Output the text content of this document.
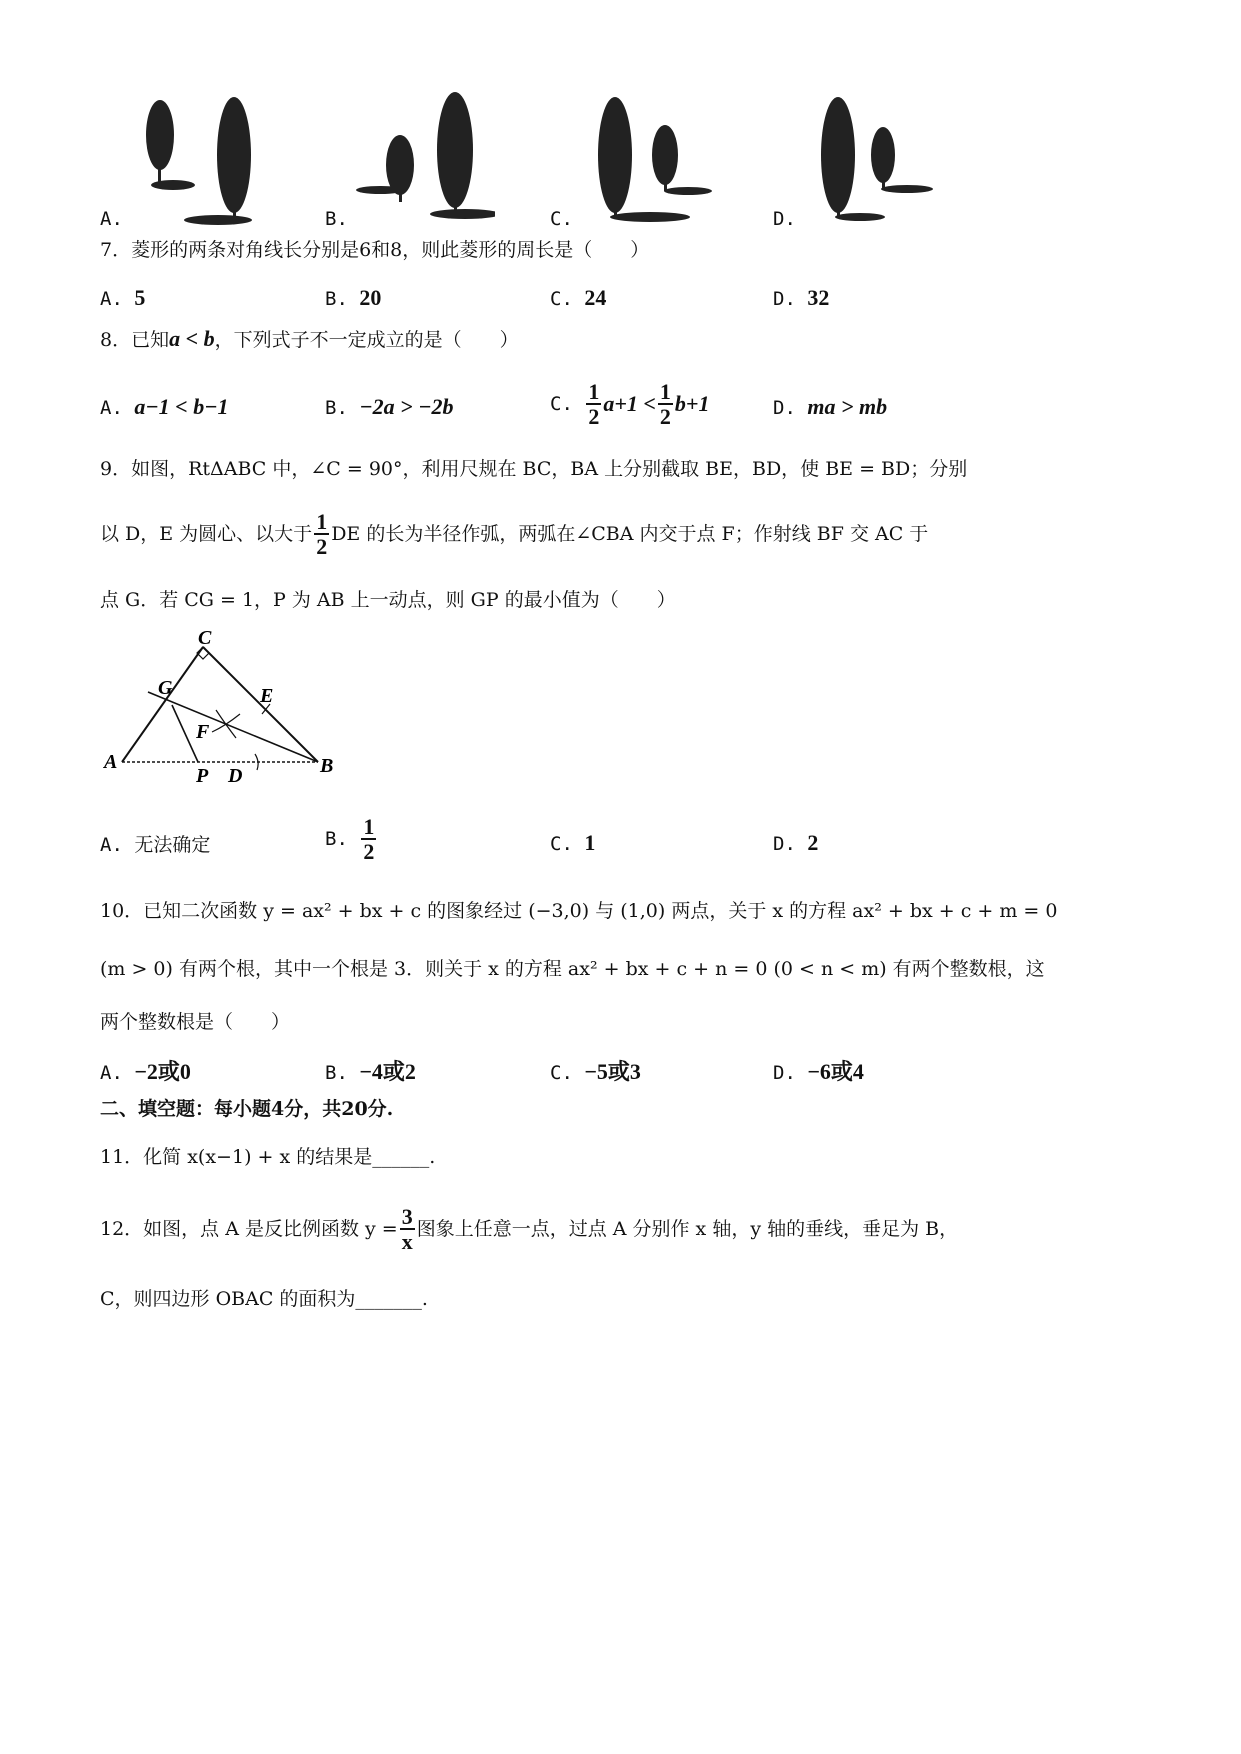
A.	B.	C.	D.
7．菱形的两条对角线长分别是6和8，则此菱形的周长是（　　）
A. 5	B. 20	C. 24	D. 32
8．已知a < b，下列式子不一定成立的是（　　）
A. a−1 < b−1	B. −2a > −2b	C.
$\frac{1}{2} a+1 < \frac{1}{2} b+1$	D. ma > mb
9．如图，RtΔABC 中，∠C = 90°，利用尺规在 BC，BA 上分别截取 BE，BD，使 BE = BD；分别
以 D，E 为圆心、以大于 $\frac{1}{2}$ DE 的长为半径作弧，两弧在∠CBA 内交于点 F；作射线 BF 交 AC 于
点 G．若 CG = 1，P 为 AB 上一动点，则 GP 的最小值为（　　）
C
G	E
F
A
P D	B
A. 无法确定	B.
$\frac{1}{2}$	C. 1	D. 2
10．已知二次函数 y = ax² + bx + c 的图象经过 (−3,0) 与 (1,0) 两点，关于 x 的方程 ax² + bx + c + m = 0
(m > 0) 有两个根，其中一个根是 3．则关于 x 的方程 ax² + bx + c + n = 0 (0 < n < m) 有两个整数根，这
两个整数根是（　　）
A. −2或0	B. −4或2	C. −5或3	D. −6或4
二、填空题：每小题4分，共20分.
11．化简 x(x−1) + x 的结果是______.
12．如图，点 A 是反比例函数 $y = \frac{3}{x}$ 图象上任意一点，过点 A 分别作 x 轴，y 轴的垂线，垂足为 B，
C，则四边形 OBAC 的面积为_______.
